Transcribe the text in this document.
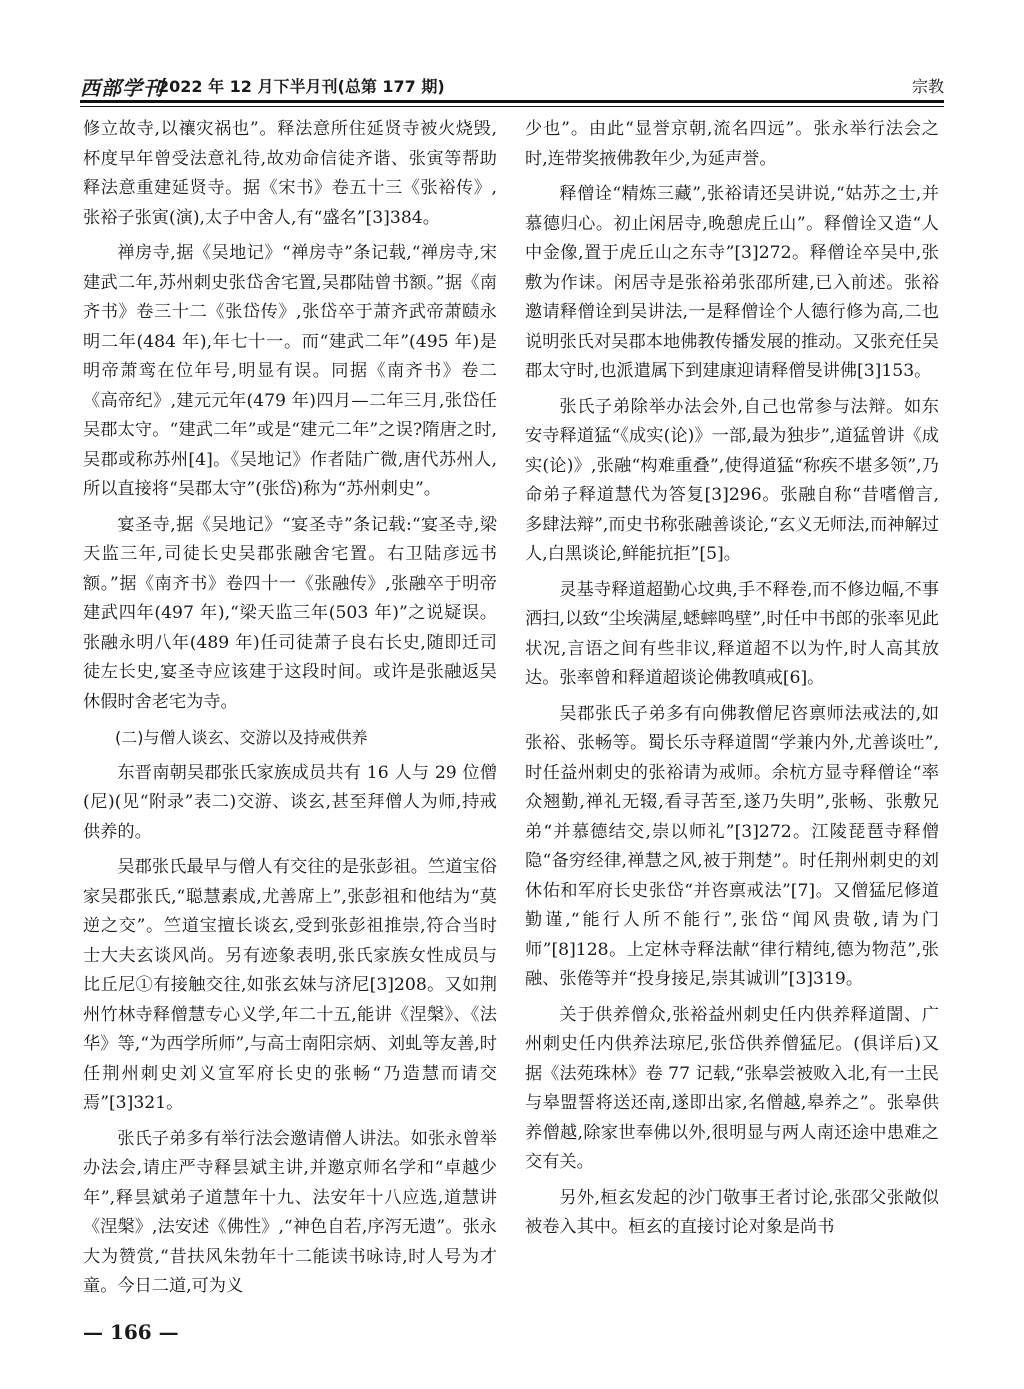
西部学刊
2022 年 12 月下半月刊(总第 177 期)	宗教

修立故寺,以禳灾祸也”。释法意所住延贤寺被火烧毁,杯度早年曾受法意礼待,故劝命信徒齐谐、张寅等帮助释法意重建延贤寺。据《宋书》卷五十三《张裕传》,张裕子张寅(演),太子中舍人,有“盛名”[3]384。

禅房寺,据《吴地记》“禅房寺”条记载,“禅房寺,宋建武二年,苏州刺史张岱舍宅置,吴郡陆曾书额。”据《南齐书》卷三十二《张岱传》,张岱卒于萧齐武帝萧赜永明二年(484 年),年七十一。而“建武二年”(495 年)是明帝萧鸾在位年号,明显有误。同据《南齐书》卷二《高帝纪》,建元元年(479 年)四月—二年三月,张岱任吴郡太守。“建武二年”或是“建元二年”之误?隋唐之时,吴郡或称苏州[4]。《吴地记》作者陆广微,唐代苏州人,所以直接将“吴郡太守”(张岱)称为“苏州刺史”。

宴圣寺,据《吴地记》“宴圣寺”条记载:“宴圣寺,梁天监三年,司徒长史吴郡张融舍宅置。右卫陆彦远书额。”据《南齐书》卷四十一《张融传》,张融卒于明帝建武四年(497 年),“梁天监三年(503 年)”之说疑误。张融永明八年(489 年)任司徒萧子良右长史,随即迁司徒左长史,宴圣寺应该建于这段时间。或许是张融返吴休假时舍老宅为寺。

(二)与僧人谈玄、交游以及持戒供养

东晋南朝吴郡张氏家族成员共有 16 人与 29 位僧(尼)(见“附录”表二)交游、谈玄,甚至拜僧人为师,持戒供养的。

吴郡张氏最早与僧人有交往的是张彭祖。竺道宝俗家吴郡张氏,“聪慧素成,尤善席上”,张彭祖和他结为“莫逆之交”。竺道宝擅长谈玄,受到张彭祖推崇,符合当时士大夫玄谈风尚。另有迹象表明,张氏家族女性成员与比丘尼①有接触交往,如张玄妹与济尼[3]208。又如荆州竹林寺释僧慧专心义学,年二十五,能讲《涅槃》、《法华》等,“为西学所师”,与高士南阳宗炳、刘虬等友善,时任荆州刺史刘义宣军府长史的张畅“乃造慧而请交焉”[3]321。

张氏子弟多有举行法会邀请僧人讲法。如张永曾举办法会,请庄严寺释昙斌主讲,并邀京师名学和“卓越少年”,释昙斌弟子道慧年十九、法安年十八应选,道慧讲《涅槃》,法安述《佛性》,“神色自若,序泻无遗”。张永大为赞赏,“昔扶风朱勃年十二能读书咏诗,时人号为才童。今日二道,可为义

少也”。由此“显誉京朝,流名四远”。张永举行法会之时,连带奖掖佛教年少,为延声誉。

释僧诠“精炼三藏”,张裕请还吴讲说,“姑苏之士,并慕德归心。初止闲居寺,晚憩虎丘山”。释僧诠又造“人中金像,置于虎丘山之东寺”[3]272。释僧诠卒吴中,张敷为作诔。闲居寺是张裕弟张邵所建,已入前述。张裕邀请释僧诠到吴讲法,一是释僧诠个人德行修为高,二也说明张氏对吴郡本地佛教传播发展的推动。又张充任吴郡太守时,也派遣属下到建康迎请释僧旻讲佛[3]153。

张氏子弟除举办法会外,自己也常参与法辩。如东安寺释道猛“《成实(论)》一部,最为独步”,道猛曾讲《成实(论)》,张融“构难重叠”,使得道猛“称疾不堪多领”,乃命弟子释道慧代为答复[3]296。张融自称“昔嗜僧言,多肆法辩”,而史书称张融善谈论,“玄义无师法,而神解过人,白黑谈论,鲜能抗拒”[5]。

灵基寺释道超勤心坟典,手不释卷,而不修边幅,不事洒扫,以致“尘埃满屋,蟋蟀鸣壁”,时任中书郎的张率见此状况,言语之间有些非议,释道超不以为忤,时人高其放达。张率曾和释道超谈论佛教嗔戒[6]。

吴郡张氏子弟多有向佛教僧尼咨禀师法戒法的,如张裕、张畅等。蜀长乐寺释道誾“学兼内外,尤善谈吐”,时任益州刺史的张裕请为戒师。余杭方显寺释僧诠“率众翘勤,禅礼无辍,看寻苦至,遂乃失明”,张畅、张敷兄弟“并慕德结交,崇以师礼”[3]272。江陵琵琶寺释僧隐“备穷经律,禅慧之风,被于荆楚”。时任荆州刺史的刘休佑和军府长史张岱“并咨禀戒法”[7]。又僧猛尼修道勤谨,“能行人所不能行”,张岱“闻风贵敬,请为门师”[8]128。上定林寺释法献“律行精纯,德为物范”,张融、张倦等并“投身接足,崇其诚训”[3]319。

关于供养僧众,张裕益州刺史任内供养释道誾、广州刺史任内供养法琼尼,张岱供养僧猛尼。(俱详后)又据《法苑珠林》卷 77 记载,“张皋尝被败入北,有一土民与皋盟誓将送还南,遂即出家,名僧越,皋养之”。张皋供养僧越,除家世奉佛以外,很明显与两人南还途中患难之交有关。

另外,桓玄发起的沙门敬事王者讨论,张邵父张敞似被卷入其中。桓玄的直接讨论对象是尚书

— 166 —
